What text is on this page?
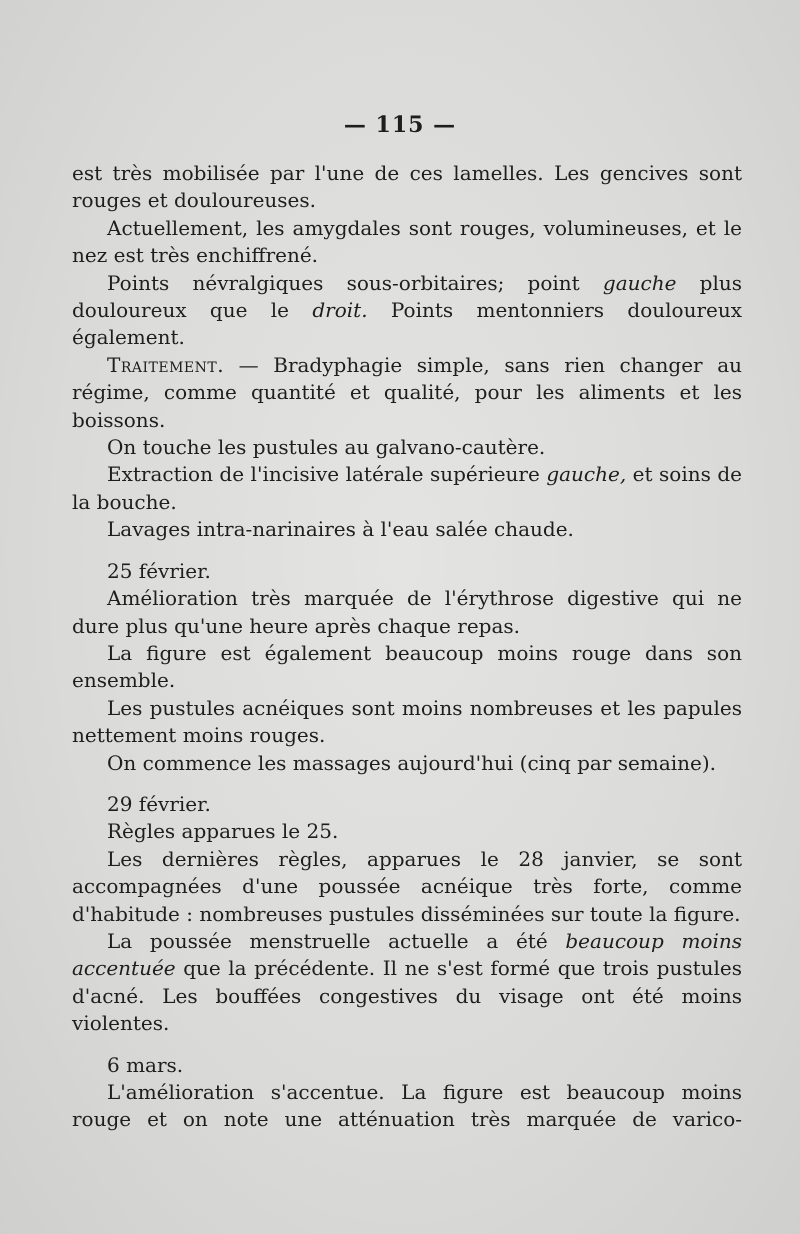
— 115 —

est très mobilisée par l'une de ces lamelles. Les gencives sont rouges et douloureuses.

Actuellement, les amygdales sont rouges, volumineuses, et le nez est très enchiffrené.

Points névralgiques sous-orbitaires; point gauche plus douloureux que le droit. Points mentonniers douloureux également.

Traitement. — Bradyphagie simple, sans rien changer au régime, comme quantité et qualité, pour les aliments et les boissons.

On touche les pustules au galvano-cautère.

Extraction de l'incisive latérale supérieure gauche, et soins de la bouche.

Lavages intra-narinaires à l'eau salée chaude.

25 février.

Amélioration très marquée de l'érythrose digestive qui ne dure plus qu'une heure après chaque repas.

La figure est également beaucoup moins rouge dans son ensemble.

Les pustules acnéiques sont moins nombreuses et les papules nettement moins rouges.

On commence les massages aujourd'hui (cinq par semaine).

29 février.

Règles apparues le 25.

Les dernières règles, apparues le 28 janvier, se sont accompagnées d'une poussée acnéique très forte, comme d'habitude : nombreuses pustules disséminées sur toute la figure.

La poussée menstruelle actuelle a été beaucoup moins accentuée que la précédente. Il ne s'est formé que trois pustules d'acné. Les bouffées congestives du visage ont été moins violentes.

6 mars.

L'amélioration s'accentue. La figure est beaucoup moins rouge et on note une atténuation très marquée de varico-
